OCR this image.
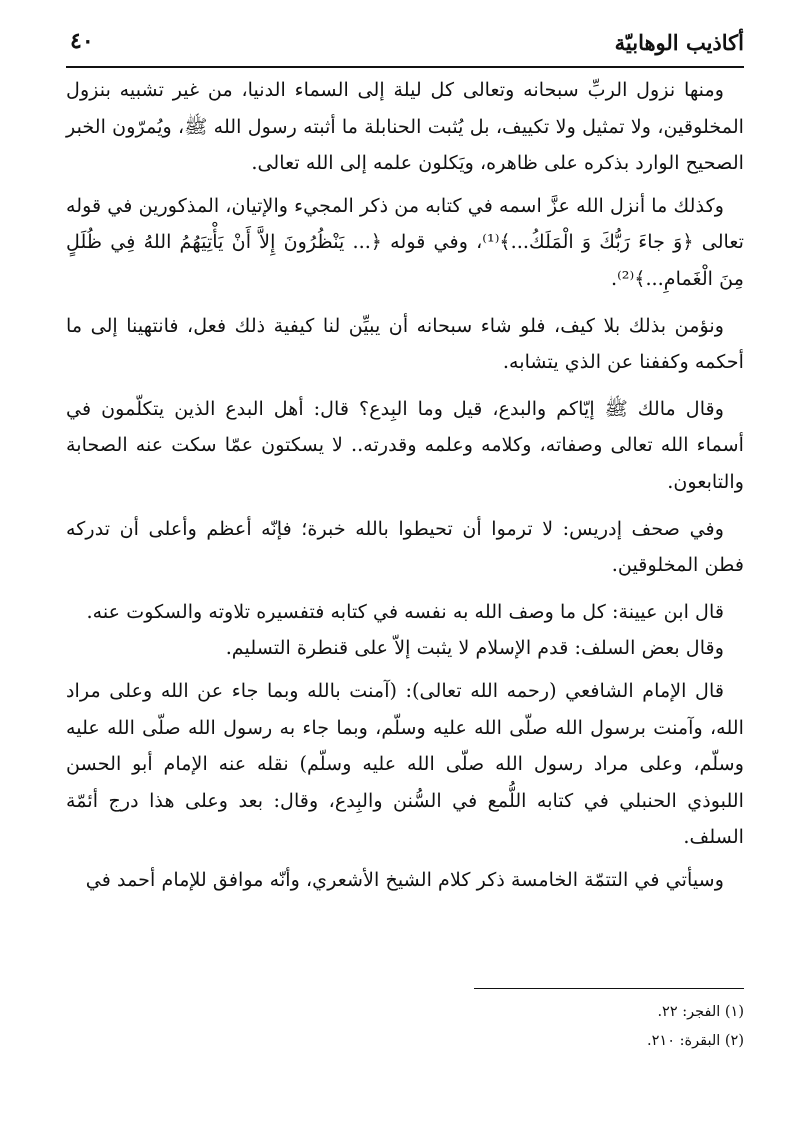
أكاذيب الوهابيّة
٤٠

ومنها نزول الربِّ سبحانه وتعالى كل ليلة إلى السماء الدنيا، من غير تشبيه بنزول المخلوقين، ولا تمثيل ولا تكييف، بل يُثبت الحنابلة ما أثبته رسول الله ﷺ، ويُمرّون الخبر الصحيح الوارد بذكره على ظاهره، ويَكلون علمه إلى الله تعالى.

وكذلك ما أنزل الله عزَّ اسمه في كتابه من ذكر المجيء والإتيان، المذكورين في قوله تعالى ﴿وَ جاءَ رَبُّكَ وَ الْمَلَكُ...﴾⁽¹⁾، وفي قوله ﴿... يَنْظُرُونَ إِلاَّ أَنْ يَأْتِيَهُمُ اللهُ فِي ظُلَلٍ مِنَ الْغَمامِ...﴾⁽²⁾.

ونؤمن بذلك بلا كيف، فلو شاء سبحانه أن يبيِّن لنا كيفية ذلك فعل، فانتهينا إلى ما أحكمه وكففنا عن الذي يتشابه.

وقال مالك ﷺ إيّاكم والبدع، قيل وما البِدع؟ قال: أهل البدع الذين يتكلّمون في أسماء الله تعالى وصفاته، وكلامه وعلمه وقدرته.. لا يسكتون عمّا سكت عنه الصحابة والتابعون.

وفي صحف إدريس: لا ترموا أن تحيطوا بالله خبرة؛ فإنّه أعظم وأعلى أن تدركه فطن المخلوقين.

قال ابن عيينة: كل ما وصف الله به نفسه في كتابه فتفسيره تلاوته والسكوت عنه.

وقال بعض السلف: قدم الإسلام لا يثبت إلاّ على قنطرة التسليم.

قال الإمام الشافعي (رحمه الله تعالى): (آمنت بالله وبما جاء عن الله وعلى مراد الله، وآمنت برسول الله صلّى الله عليه وسلّم، وبما جاء به رسول الله صلّى الله عليه وسلّم، وعلى مراد رسول الله صلّى الله عليه وسلّم) نقله عنه الإمام أبو الحسن اللبوذي الحنبلي في كتابه اللُّمع في السُّنن والبِدع، وقال: بعد وعلى هذا درج أئمّة السلف.

وسيأتي في التتمّة الخامسة ذكر كلام الشيخ الأشعري، وأنّه موافق للإمام أحمد في

(١) الفجر: ٢٢.
(٢) البقرة: ٢١٠.
